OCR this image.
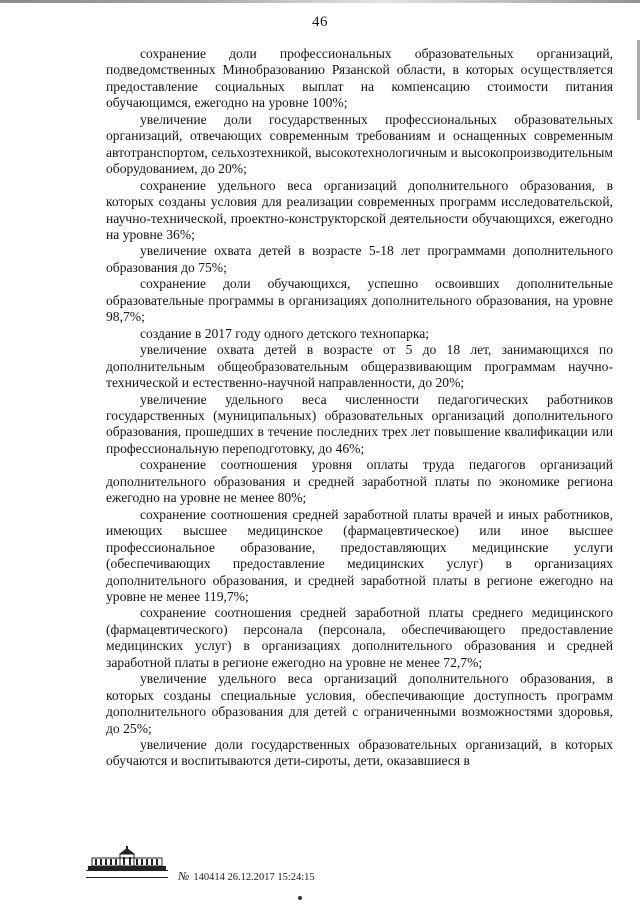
46

сохранение доли профессиональных образовательных организаций, подведомственных Минобразованию Рязанской области, в которых осуществляется предоставление социальных выплат на компенсацию стоимости питания обучающимся, ежегодно на уровне 100%;

увеличение доли государственных профессиональных образовательных организаций, отвечающих современным требованиям и оснащенных современным автотранспортом, сельхозтехникой, высокотехнологичным и высокопроизводительным оборудованием, до 20%;

сохранение удельного веса организаций дополнительного образования, в которых созданы условия для реализации современных программ исследовательской, научно-технической, проектно-конструкторской деятельности обучающихся, ежегодно на уровне 36%;

увеличение охвата детей в возрасте 5-18 лет программами дополнительного образования до 75%;

сохранение доли обучающихся, успешно освоивших дополнительные образовательные программы в организациях дополнительного образования, на уровне 98,7%;

создание в 2017 году одного детского технопарка;

увеличение охвата детей в возрасте от 5 до 18 лет, занимающихся по дополнительным общеобразовательным общеразвивающим программам научно-технической и естественно-научной направленности, до 20%;

увеличение удельного веса численности педагогических работников государственных (муниципальных) образовательных организаций дополнительного образования, прошедших в течение последних трех лет повышение квалификации или профессиональную переподготовку, до 46%;

сохранение соотношения уровня оплаты труда педагогов организаций дополнительного образования и средней заработной платы по экономике региона ежегодно на уровне не менее 80%;

сохранение соотношения средней заработной платы врачей и иных работников, имеющих высшее медицинское (фармацевтическое) или иное высшее профессиональное образование, предоставляющих медицинские услуги (обеспечивающих предоставление медицинских услуг) в организациях дополнительного образования, и средней заработной платы в регионе ежегодно на уровне не менее 119,7%;

сохранение соотношения средней заработной платы среднего медицинского (фармацевтического) персонала (персонала, обеспечивающего предоставление медицинских услуг) в организациях дополнительного образования и средней заработной платы в регионе ежегодно на уровне не менее 72,7%;

увеличение удельного веса организаций дополнительного образования, в которых созданы специальные условия, обеспечивающие доступность программ дополнительного образования для детей с ограниченными возможностями здоровья, до 25%;

увеличение доли государственных образовательных организаций, в которых обучаются и воспитываются дети-сироты, дети, оказавшиеся в

№ 140414 26.12.2017 15:24:15
